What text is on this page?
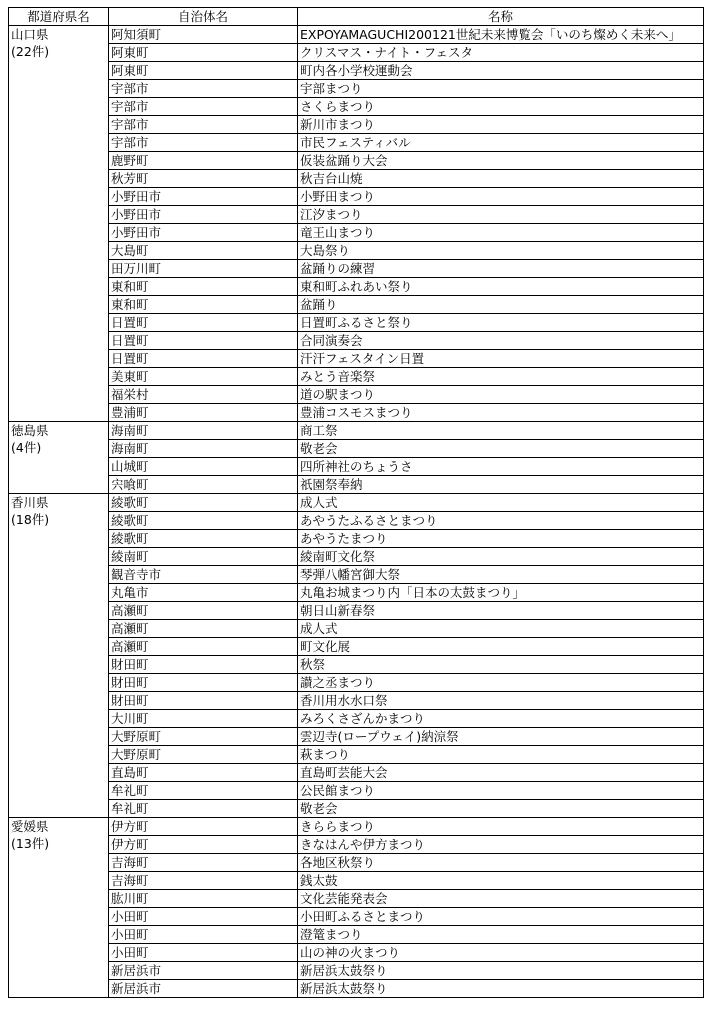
都道府県名	自治体名	名称

山口県
(22件)	阿知須町	EXPOYAMAGUCHI200121世紀未来博覧会「いのち燦めく未来へ」

	阿東町	クリスマス・ナイト・フェスタ
	阿東町	町内各小学校運動会
	宇部市	宇部まつり
	宇部市	さくらまつり
	宇部市	新川市まつり
	宇部市	市民フェスティバル
	鹿野町	仮装盆踊り大会
	秋芳町	秋吉台山焼
	小野田市	小野田まつり
	小野田市	江汐まつり
	小野田市	竜王山まつり
	大島町	大島祭り
	田万川町	盆踊りの練習
	東和町	東和町ふれあい祭り
	東和町	盆踊り
	日置町	日置町ふるさと祭り
	日置町	合同演奏会
	日置町	汗汗フェスタイン日置
	美東町	みとう音楽祭
	福栄村	道の駅まつり
	豊浦町	豊浦コスモスまつり

徳島県
(4件)	海南町	商工祭
	海南町	敬老会
	山城町	四所神社のちょうさ
	宍喰町	祇園祭奉納

香川県
(18件)	綾歌町	成人式
	綾歌町	あやうたふるさとまつり
	綾歌町	あやうたまつり
	綾南町	綾南町文化祭
	観音寺市	琴弾八幡宮御大祭
	丸亀市	丸亀お城まつり内「日本の太鼓まつり」
	高瀬町	朝日山新春祭
	高瀬町	成人式
	高瀬町	町文化展
	財田町	秋祭
	財田町	讃之丞まつり
	財田町	香川用水水口祭
	大川町	みろくさざんかまつり
	大野原町	雲辺寺(ロープウェイ)納涼祭
	大野原町	萩まつり
	直島町	直島町芸能大会
	牟礼町	公民館まつり
	牟礼町	敬老会

愛媛県
(13件)	伊方町	きららまつり
	伊方町	きなはんや伊方まつり
	吉海町	各地区秋祭り
	吉海町	銭太鼓
	肱川町	文化芸能発表会
	小田町	小田町ふるさとまつり
	小田町	澄篭まつり
	小田町	山の神の火まつり
	新居浜市	新居浜太鼓祭り
	新居浜市	新居浜太鼓祭り
